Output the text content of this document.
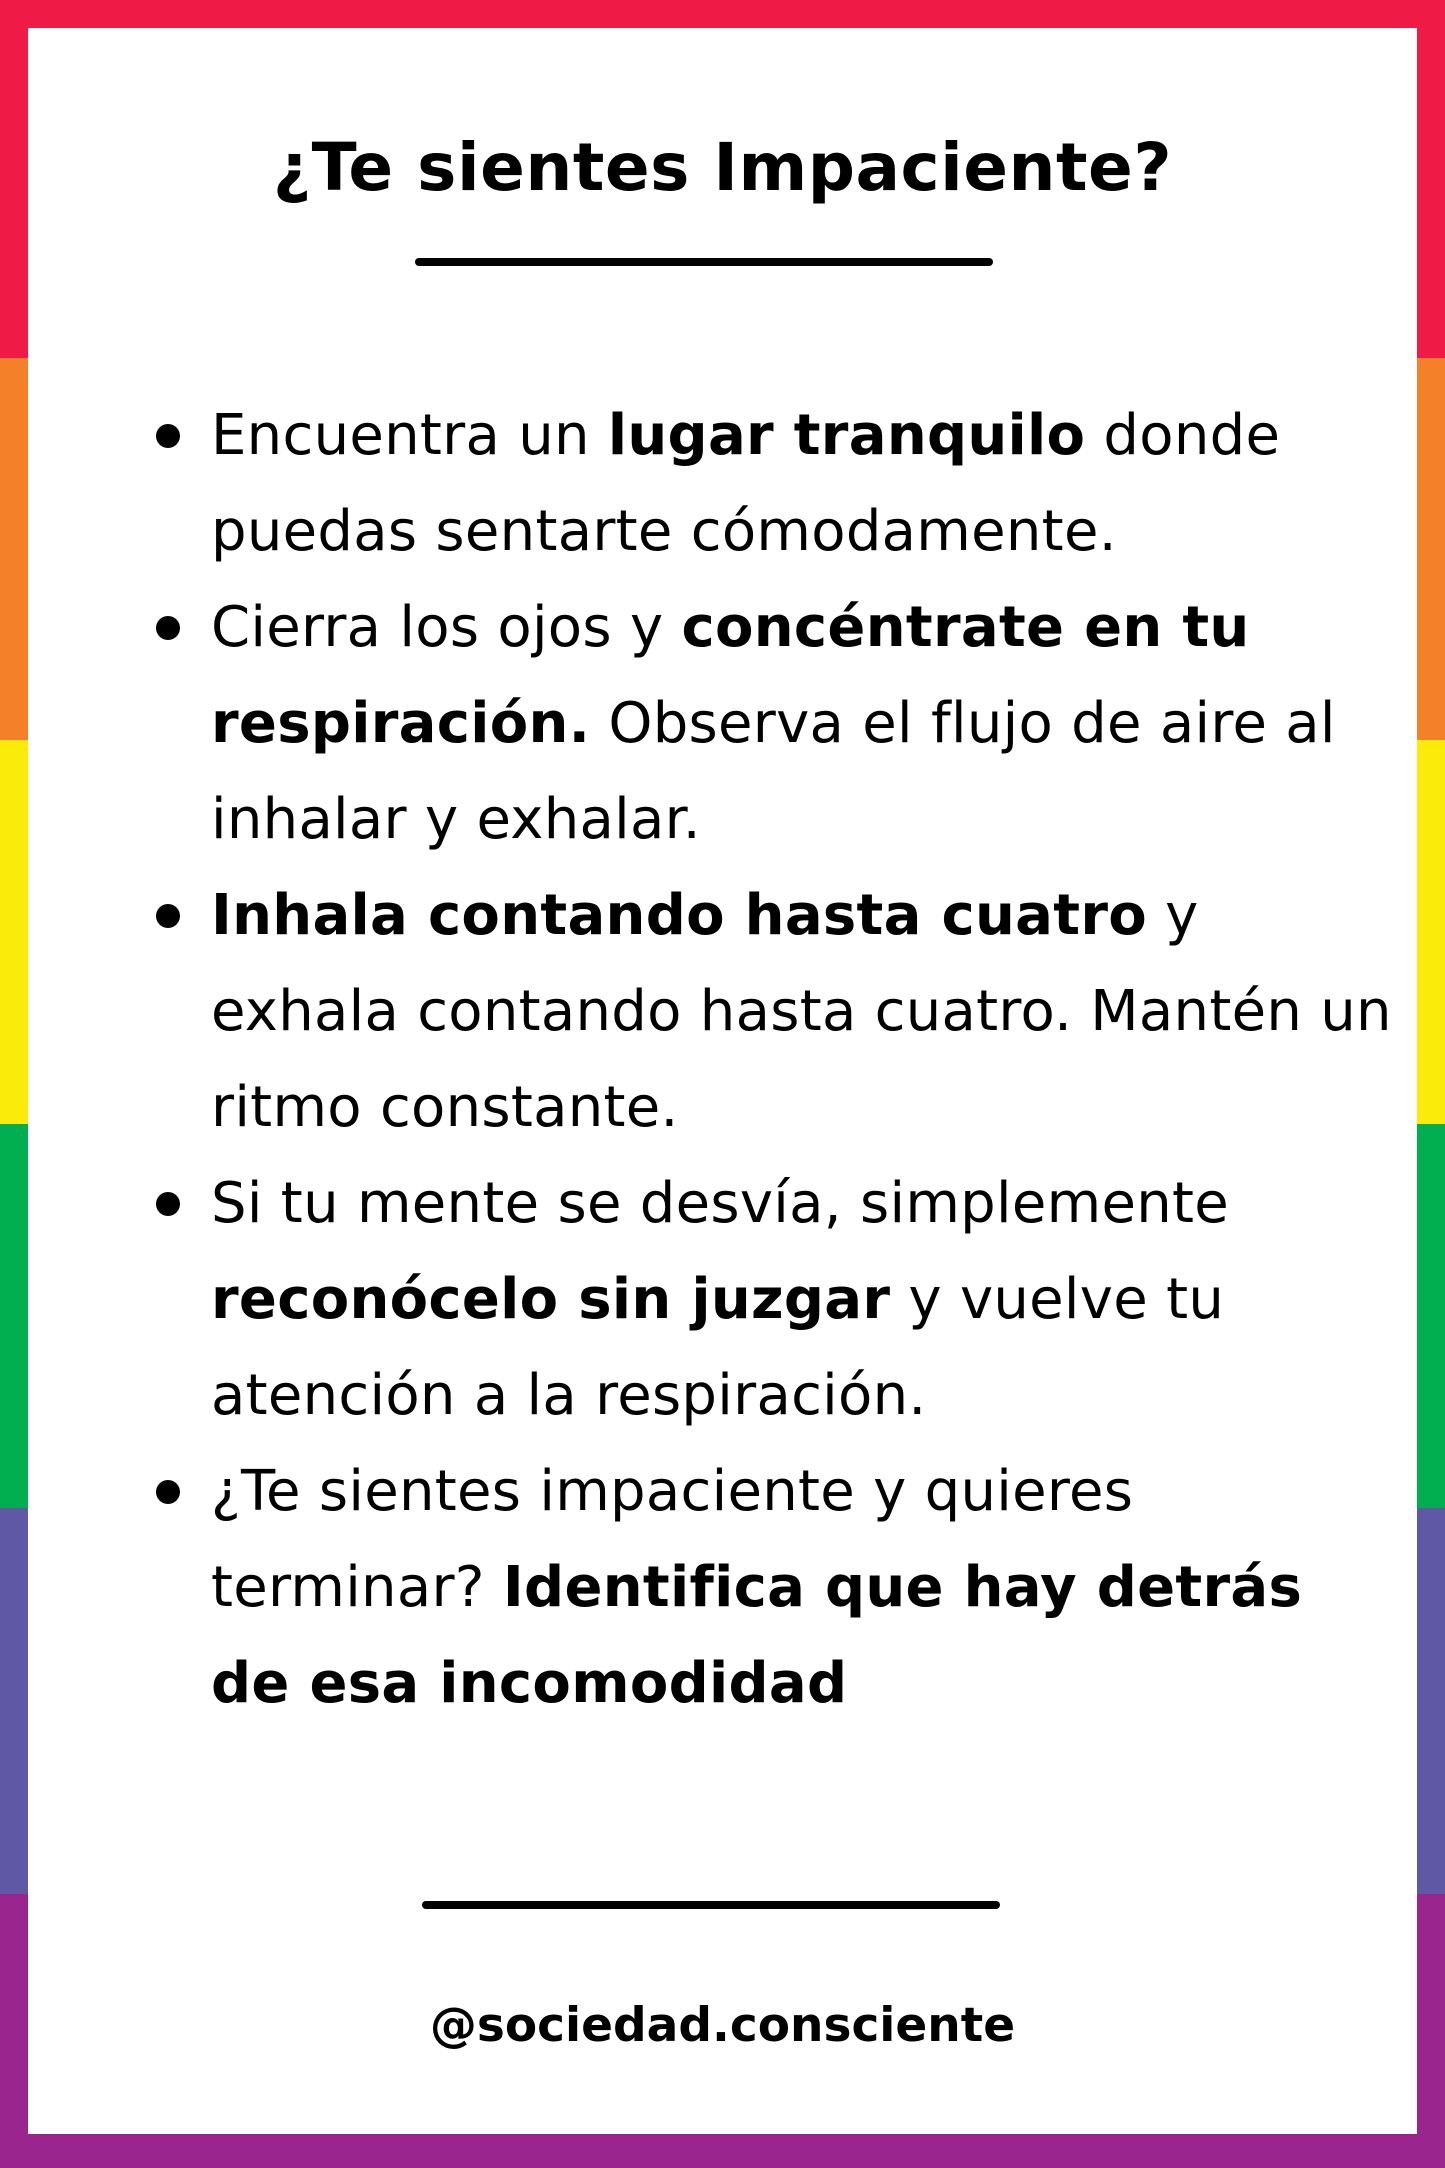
¿Te sientes Impaciente?
Encuentra un lugar tranquilo donde puedas sentarte cómodamente.
Cierra los ojos y concéntrate en tu respiración. Observa el flujo de aire al inhalar y exhalar.
Inhala contando hasta cuatro y exhala contando hasta cuatro. Mantén un ritmo constante.
Si tu mente se desvía, simplemente reconócelo sin juzgar y vuelve tu atención a la respiración.
¿Te sientes impaciente y quieres terminar? Identifica que hay detrás de esa incomodidad
@sociedad.consciente
